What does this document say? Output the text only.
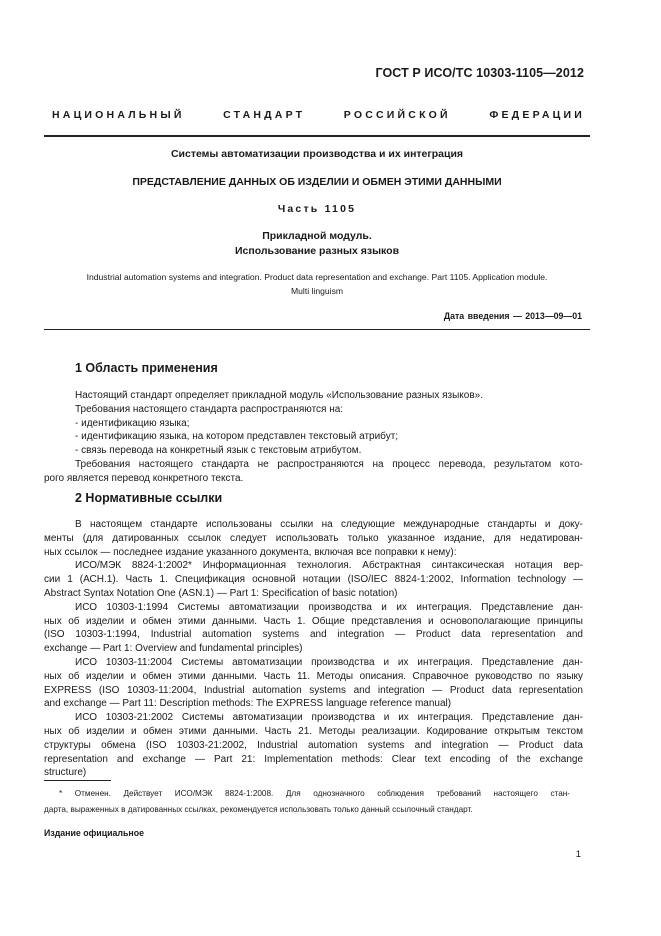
ГОСТ Р ИСО/ТС 10303-1105—2012
НАЦИОНАЛЬНЫЙ СТАНДАРТ РОССИЙСКОЙ ФЕДЕРАЦИИ
Системы автоматизации производства и их интеграция
ПРЕДСТАВЛЕНИЕ ДАННЫХ ОБ ИЗДЕЛИИ И ОБМЕН ЭТИМИ ДАННЫМИ
Часть 1105
Прикладной модуль.
Использование разных языков
Industrial automation systems and integration. Product data representation and exchange. Part 1105. Application module.
Multi linguism
Дата введения — 2013—09—01
1 Область применения
Настоящий стандарт определяет прикладной модуль «Использование разных языков».
Требования настоящего стандарта распространяются на:
- идентификацию языка;
- идентификацию языка, на котором представлен текстовый атрибут;
- связь перевода на конкретный язык с текстовым атрибутом.
Требования настоящего стандарта не распространяются на процесс перевода, результатом кото-
рого является перевод конкретного текста.
2 Нормативные ссылки
В настоящем стандарте использованы ссылки на следующие международные стандарты и доку-
менты (для датированных ссылок следует использовать только указанное издание, для недатирован-
ных ссылок — последнее издание указанного документа, включая все поправки к нему):
ИСО/МЭК 8824-1:2002* Информационная технология. Абстрактная синтаксическая нотация вер-
сии 1 (АСН.1). Часть 1. Спецификация основной нотации (ISO/IEC 8824-1:2002, Information technology —
Abstract Syntax Notation One (ASN.1) — Part 1: Specification of basic notation)
ИСО 10303-1:1994 Системы автоматизации производства и их интеграция. Представление дан-
ных об изделии и обмен этими данными. Часть 1. Общие представления и основополагающие принципы
(ISO 10303-1:1994, Industrial automation systems and integration — Product data representation and
exchange — Part 1: Overview and fundamental principles)
ИСО 10303-11:2004 Системы автоматизации производства и их интеграция. Представление дан-
ных об изделии и обмен этими данными. Часть 11. Методы описания. Справочное руководство по языку
EXPRESS (ISO 10303-11:2004, Industrial automation systems and integration — Product data representation
and exchange — Part 11: Description methods: The EXPRESS language reference manual)
ИСО 10303-21:2002 Системы автоматизации производства и их интеграция. Представление дан-
ных об изделии и обмен этими данными. Часть 21. Методы реализации. Кодирование открытым текстом
структуры обмена (ISO 10303-21:2002, Industrial automation systems and integration — Product data
representation and exchange — Part 21: Implementation methods: Clear text encoding of the exchange
structure)
* Отменен. Действует ИСО/МЭК 8824-1:2008. Для однозначного соблюдения требований настоящего стан-
дарта, выраженных в датированных ссылках, рекомендуется использовать только данный ссылочный стандарт.
Издание официальное
1
